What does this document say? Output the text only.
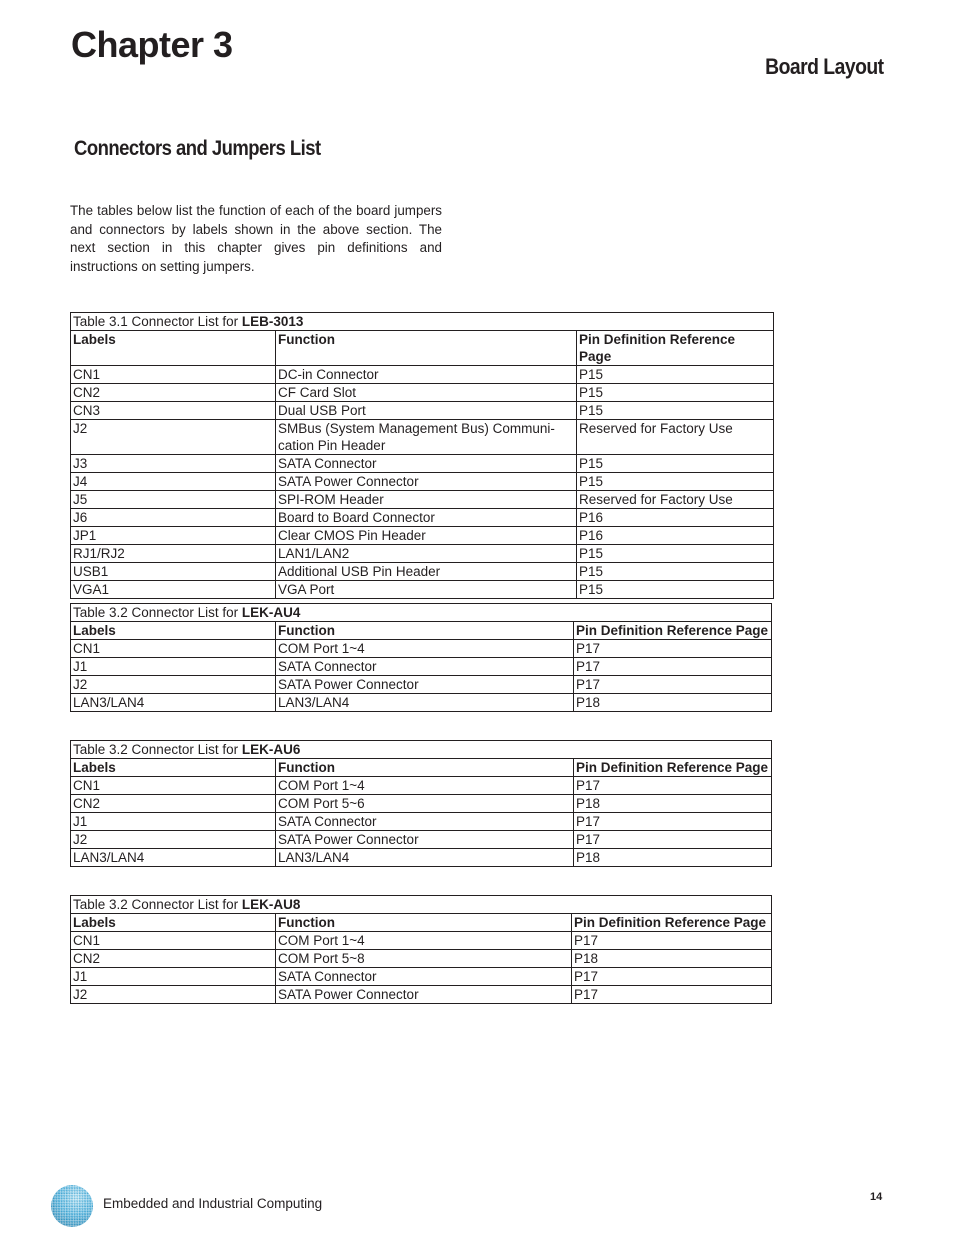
Chapter 3
Board Layout
Connectors and Jumpers List

The tables below list the function of each of the board jumpers and connectors by labels shown in the above section. The next section in this chapter gives pin definitions and instructions on setting jumpers.

Table 3.1 Connector List for LEB-3013		
Labels	Function	Pin Definition Reference Page
CN1	DC-in Connector	P15
CN2	CF Card Slot	P15
CN3	Dual USB Port	P15
J2	SMBus (System Management Bus) Communi-cation Pin Header	Reserved for Factory Use
J3	SATA Connector	P15
J4	SATA Power Connector	P15
J5	SPI-ROM Header	Reserved for Factory Use
J6	Board to Board Connector	P16
JP1	Clear CMOS Pin Header	P16
RJ1/RJ2	LAN1/LAN2	P15
USB1	Additional USB Pin Header	P15
VGA1	VGA Port	P15
Table 3.2 Connector List for LEK-AU4		
Labels	Function	Pin Definition Reference Page
CN1	COM Port 1~4	P17
J1	SATA Connector	P17
J2	SATA Power Connector	P17
LAN3/LAN4	LAN3/LAN4	P18
Table 3.2 Connector List for LEK-AU6		
Labels	Function	Pin Definition Reference Page
CN1	COM Port 1~4	P17
CN2	COM Port 5~6	P18
J1	SATA Connector	P17
J2	SATA Power Connector	P17
LAN3/LAN4	LAN3/LAN4	P18
Table 3.2 Connector List for LEK-AU8		
Labels	Function	Pin Definition Reference Page
CN1	COM Port 1~4	P17
CN2	COM Port 5~8	P18
J1	SATA Connector	P17
J2	SATA Power Connector	P17
Embedded and Industrial Computing	14
